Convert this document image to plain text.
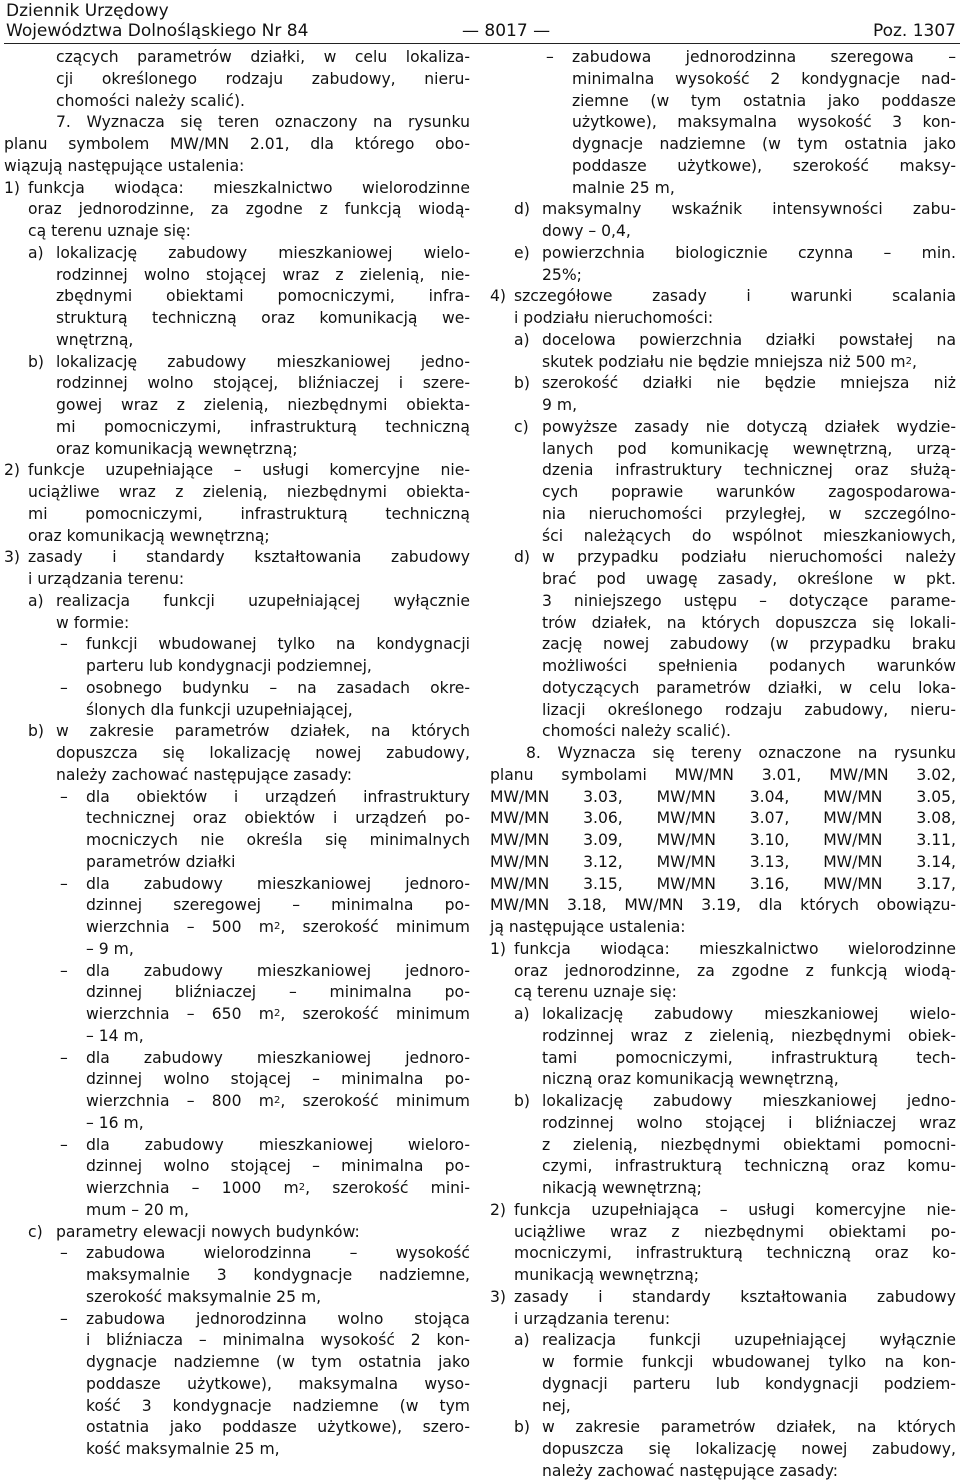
Dziennik Urzędowy
Województwa Dolnośląskiego Nr 84	— 8017 —	Poz. 1307
czących parametrów działki, w celu lokaliza-
cji określonego rodzaju zabudowy, nieru-
chomości należy scalić).
7. Wyznacza się teren oznaczony na rysunku
planu symbolem MW/MN 2.01, dla którego obo-
wiązują następujące ustalenia:
1) funkcja wiodąca: mieszkalnictwo wielorodzinne
oraz jednorodzinne, za zgodne z funkcją wiodą-
cą terenu uznaje się:
a) lokalizację zabudowy mieszkaniowej wielo-
rodzinnej wolno stojącej wraz z zielenią, nie-
zbędnymi obiektami pomocniczymi, infra-
strukturą techniczną oraz komunikacją we-
wnętrzną,
b) lokalizację zabudowy mieszkaniowej jedno-
rodzinnej wolno stojącej, bliźniaczej i szere-
gowej wraz z zielenią, niezbędnymi obiekta-
mi pomocniczymi, infrastrukturą techniczną
oraz komunikacją wewnętrzną;
2) funkcje uzupełniające – usługi komercyjne nie-
uciążliwe wraz z zielenią, niezbędnymi obiekta-
mi pomocniczymi, infrastrukturą techniczną
oraz komunikacją wewnętrzną;
3) zasady i standardy kształtowania zabudowy
i urządzania terenu:
a) realizacja funkcji uzupełniającej wyłącznie
w formie:
– funkcji wbudowanej tylko na kondygnacji
parteru lub kondygnacji podziemnej,
– osobnego budynku – na zasadach okre-
ślonych dla funkcji uzupełniającej,
b) w zakresie parametrów działek, na których
dopuszcza się lokalizację nowej zabudowy,
należy zachować następujące zasady:
– dla obiektów i urządzeń infrastruktury
technicznej oraz obiektów i urządzeń po-
mocniczych nie określa się minimalnych
parametrów działki
– dla zabudowy mieszkaniowej jednoro-
dzinnej szeregowej – minimalna po-
wierzchnia – 500 $m^2$, szerokość minimum
– 9 m,
– dla zabudowy mieszkaniowej jednoro-
dzinnej bliźniaczej – minimalna po-
wierzchnia – 650 $m^2$, szerokość minimum
– 14 m,
– dla zabudowy mieszkaniowej jednoro-
dzinnej wolno stojącej – minimalna po-
wierzchnia – 800 $m^2$, szerokość minimum
– 16 m,
– dla zabudowy mieszkaniowej wieloro-
dzinnej wolno stojącej – minimalna po-
wierzchnia – 1000 $m^2$, szerokość mini-
mum – 20 m,
c) parametry elewacji nowych budynków:
– zabudowa wielorodzinna – wysokość
maksymalnie 3 kondygnacje nadziemne,
szerokość maksymalnie 25 m,
– zabudowa jednorodzinna wolno stojąca
i bliźniacza – minimalna wysokość 2 kon-
dygnacje nadziemne (w tym ostatnia jako
poddasze użytkowe), maksymalna wyso-
kość 3 kondygnacje nadziemne (w tym
ostatnia jako poddasze użytkowe), szero-
kość maksymalnie 25 m,
– zabudowa jednorodzinna szeregowa –
minimalna wysokość 2 kondygnacje nad-
ziemne (w tym ostatnia jako poddasze
użytkowe), maksymalna wysokość 3 kon-
dygnacje nadziemne (w tym ostatnia jako
poddasze użytkowe), szerokość maksy-
malnie 25 m,
d) maksymalny wskaźnik intensywności zabu-
dowy – 0,4,
e) powierzchnia biologicznie czynna – min.
25%;
4) szczegółowe zasady i warunki scalania
i podziału nieruchomości:
a) docelowa powierzchnia działki powstałej na
skutek podziału nie będzie mniejsza niż 500 $m^2$,
b) szerokość działki nie będzie mniejsza niż
9 m,
c) powyższe zasady nie dotyczą działek wydzie-
lanych pod komunikację wewnętrzną, urzą-
dzenia infrastruktury technicznej oraz służą-
cych poprawie warunków zagospodarowa-
nia nieruchomości przyległej, w szczególno-
ści należących do wspólnot mieszkaniowych,
d) w przypadku podziału nieruchomości należy
brać pod uwagę zasady, określone w pkt.
3 niniejszego ustępu – dotyczące parame-
trów działek, na których dopuszcza się lokali-
zację nowej zabudowy (w przypadku braku
możliwości spełnienia podanych warunków
dotyczących parametrów działki, w celu loka-
lizacji określonego rodzaju zabudowy, nieru-
chomości należy scalić).
8. Wyznacza się tereny oznaczone na rysunku
planu symbolami MW/MN 3.01, MW/MN 3.02,
MW/MN 3.03, MW/MN 3.04, MW/MN 3.05,
MW/MN 3.06, MW/MN 3.07, MW/MN 3.08,
MW/MN 3.09, MW/MN 3.10, MW/MN 3.11,
MW/MN 3.12, MW/MN 3.13, MW/MN 3.14,
MW/MN 3.15, MW/MN 3.16, MW/MN 3.17,
MW/MN 3.18, MW/MN 3.19, dla których obowiązu-
ją następujące ustalenia:
1) funkcja wiodąca: mieszkalnictwo wielorodzinne
oraz jednorodzinne, za zgodne z funkcją wiodą-
cą terenu uznaje się:
a) lokalizację zabudowy mieszkaniowej wielo-
rodzinnej wraz z zielenią, niezbędnymi obiek-
tami pomocniczymi, infrastrukturą tech-
niczną oraz komunikacją wewnętrzną,
b) lokalizację zabudowy mieszkaniowej jedno-
rodzinnej wolno stojącej i bliźniaczej wraz
z zielenią, niezbędnymi obiektami pomocni-
czymi, infrastrukturą techniczną oraz komu-
nikacją wewnętrzną;
2) funkcja uzupełniająca – usługi komercyjne nie-
uciążliwe wraz z niezbędnymi obiektami po-
mocniczymi, infrastrukturą techniczną oraz ko-
munikacją wewnętrzną;
3) zasady i standardy kształtowania zabudowy
i urządzania terenu:
a) realizacja funkcji uzupełniającej wyłącznie
w formie funkcji wbudowanej tylko na kon-
dygnacji parteru lub kondygnacji podziem-
nej,
b) w zakresie parametrów działek, na których
dopuszcza się lokalizację nowej zabudowy,
należy zachować następujące zasady:
